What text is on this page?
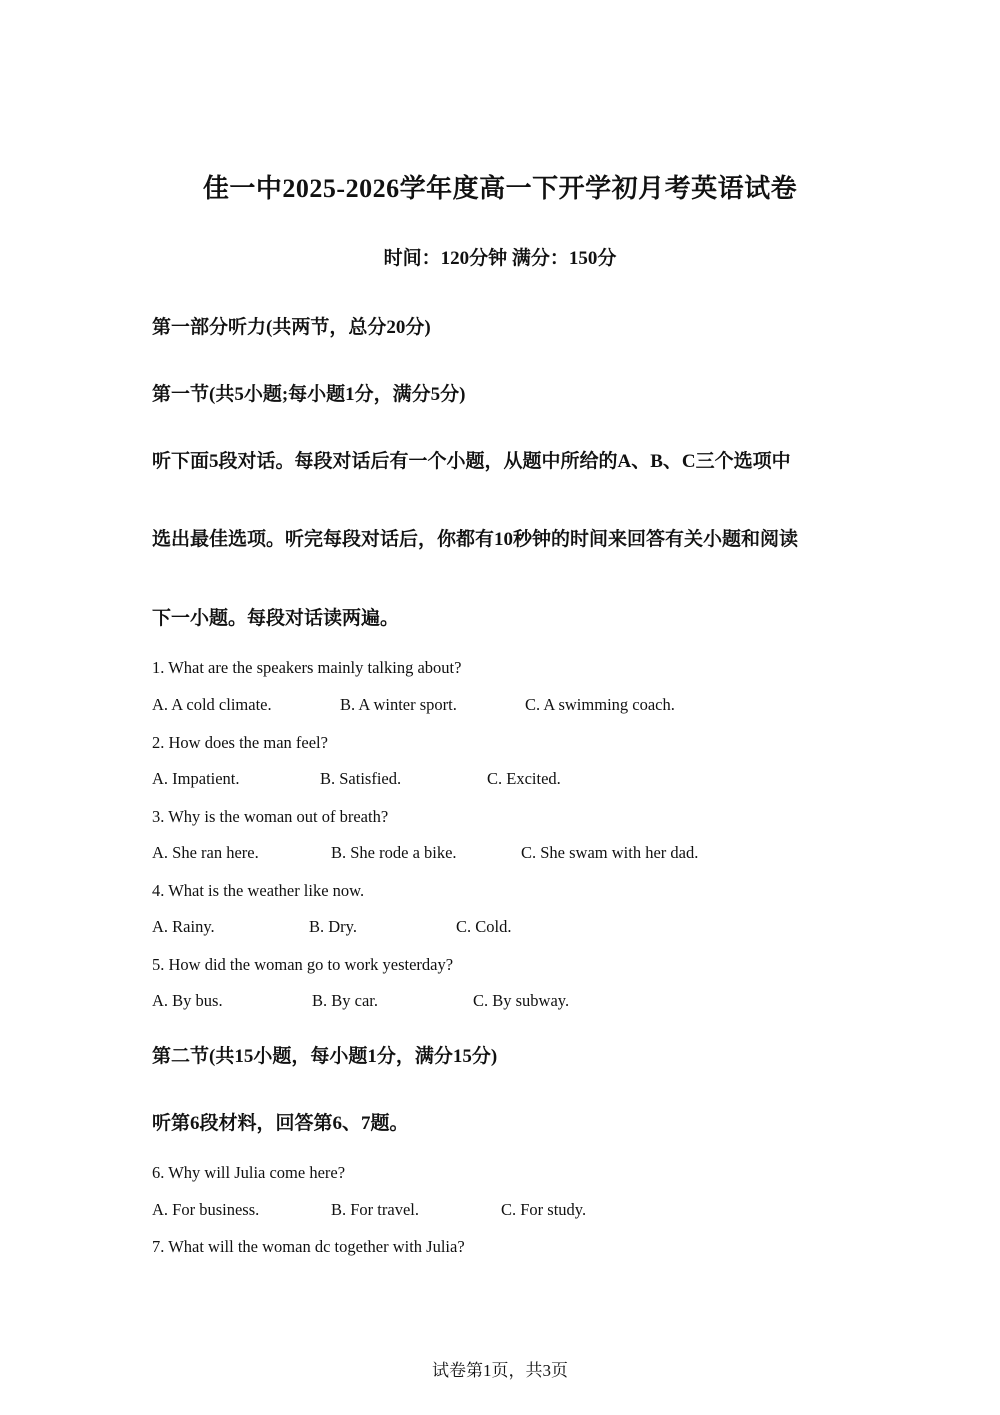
佳一中2025-2026学年度高一下开学初月考英语试卷
时间：120分钟 满分：150分
第一部分听力(共两节，总分20分)
第一节(共5小题;每小题1分，满分5分)
听下面5段对话。每段对话后有一个小题，从题中所给的A、B、C三个选项中
选出最佳选项。听完每段对话后，你都有10秒钟的时间来回答有关小题和阅读
下一小题。每段对话读两遍。
1. What are the speakers mainly talking about?
A. A cold climate.	B. A winter sport.	C. A swimming coach.
2. How does the man feel?
A. Impatient.	B. Satisfied.	C. Excited.
3. Why is the woman out of breath?
A. She ran here.	B. She rode a bike.	C. She swam with her dad.
4. What is the weather like now.
A. Rainy.	B. Dry.	C. Cold.
5. How did the woman go to work yesterday?
A. By bus.	B. By car.	C. By subway.
第二节(共15小题，每小题1分，满分15分)
听第6段材料，回答第6、7题。
6. Why will Julia come here?
A. For business.	B. For travel.	C. For study.
7. What will the woman dc together with Julia?
试卷第1页，共3页
